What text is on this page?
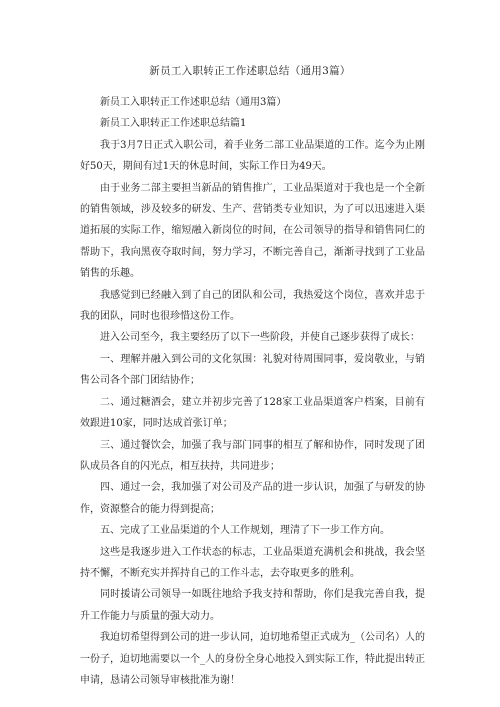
新员工入职转正工作述职总结（通用3篇）

新员工入职转正工作述职总结（通用3篇）

新员工入职转正工作述职总结篇1

我于3月7日正式入职公司，着手业务二部工业品渠道的工作。迄今为止刚好50天，期间有过1天的休息时间，实际工作日为49天。

由于业务二部主要担当新品的销售推广，工业品渠道对于我也是一个全新的销售领域，涉及较多的研发、生产、营销类专业知识，为了可以迅速进入渠道拓展的实际工作，缩短融入新岗位的时间，在公司领导的指导和销售同仁的帮助下，我向黑夜夺取时间，努力学习，不断完善自己，渐渐寻找到了工业品销售的乐趣。

我感觉到已经融入到了自己的团队和公司，我热爱这个岗位，喜欢并忠于我的团队，同时也很珍惜这份工作。

进入公司至今，我主要经历了以下一些阶段，并使自己逐步获得了成长：

一、理解并融入到公司的文化氛围：礼貌对待周围同事，爱岗敬业，与销售公司各个部门团结协作；

二、通过糖酒会，建立并初步完善了128家工业品渠道客户档案，目前有效跟进10家，同时达成首张订单；

三、通过餐饮会，加强了我与部门同事的相互了解和协作，同时发现了团队成员各自的闪光点，相互扶持，共同进步；

四、通过一会，我加强了对公司及产品的进一步认识，加强了与研发的协作，资源整合的能力得到提高；

五、完成了工业品渠道的个人工作规划，理清了下一步工作方向。

这些是我逐步进入工作状态的标志，工业品渠道充满机会和挑战，我会坚持不懈，不断充实并挥持自己的工作斗志，去夺取更多的胜利。

同时援请公司领导一如既往地给予我支持和帮助，你们是我完善自我，提升工作能力与质量的强大动力。

我迫切希望得到公司的进一步认同，迫切地希望正式成为_（公司名）人的一份子，迫切地需要以一个_人的身份全身心地投入到实际工作，特此提出转正申请，恳请公司领导审核批准为谢！
